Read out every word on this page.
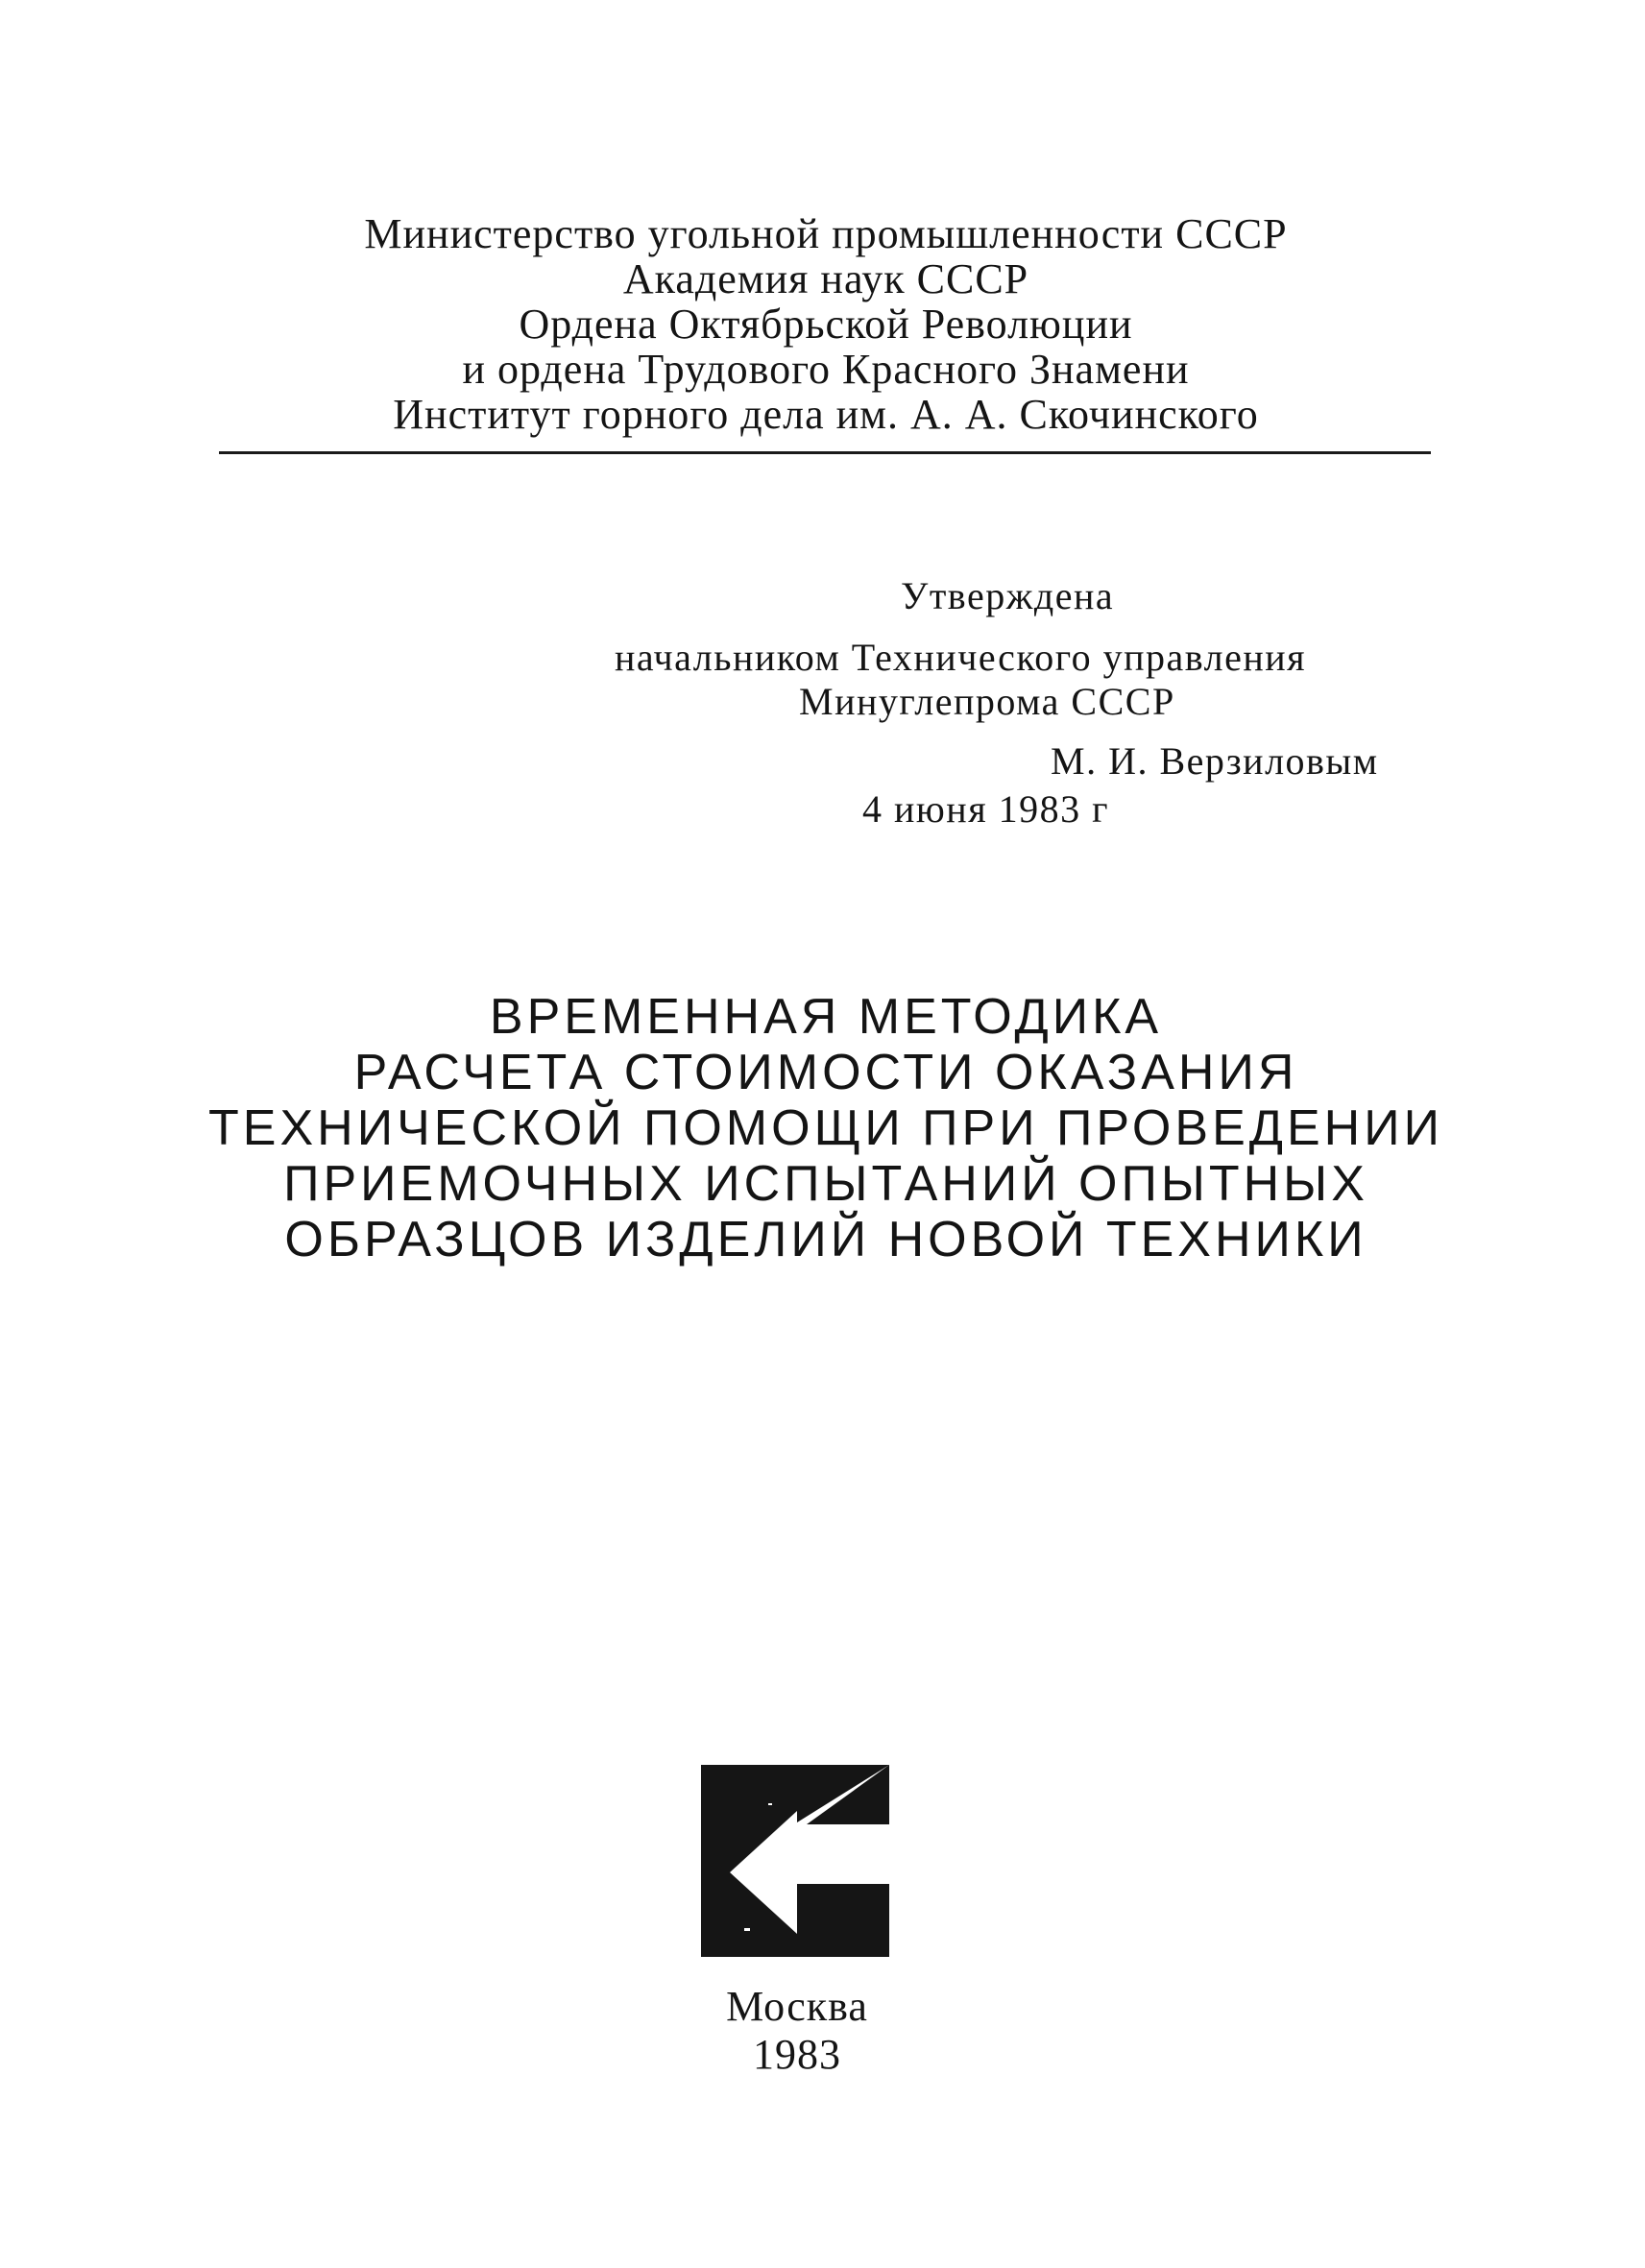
Министерство угольной промышленности СССР
Академия наук СССР
Ордена Октябрьской Революции
и ордена Трудового Красного Знамени
Институт горного дела им. А. А. Скочинского
Утверждена
начальником Технического управления
Минуглепрома СССР
М. И. Верзиловым
4 июня 1983 г
ВРЕМЕННАЯ МЕТОДИКА
РАСЧЕТА СТОИМОСТИ ОКАЗАНИЯ
ТЕХНИЧЕСКОЙ ПОМОЩИ ПРИ ПРОВЕДЕНИИ
ПРИЕМОЧНЫХ ИСПЫТАНИЙ ОПЫТНЫХ
ОБРАЗЦОВ ИЗДЕЛИЙ НОВОЙ ТЕХНИКИ
Москва
1983
